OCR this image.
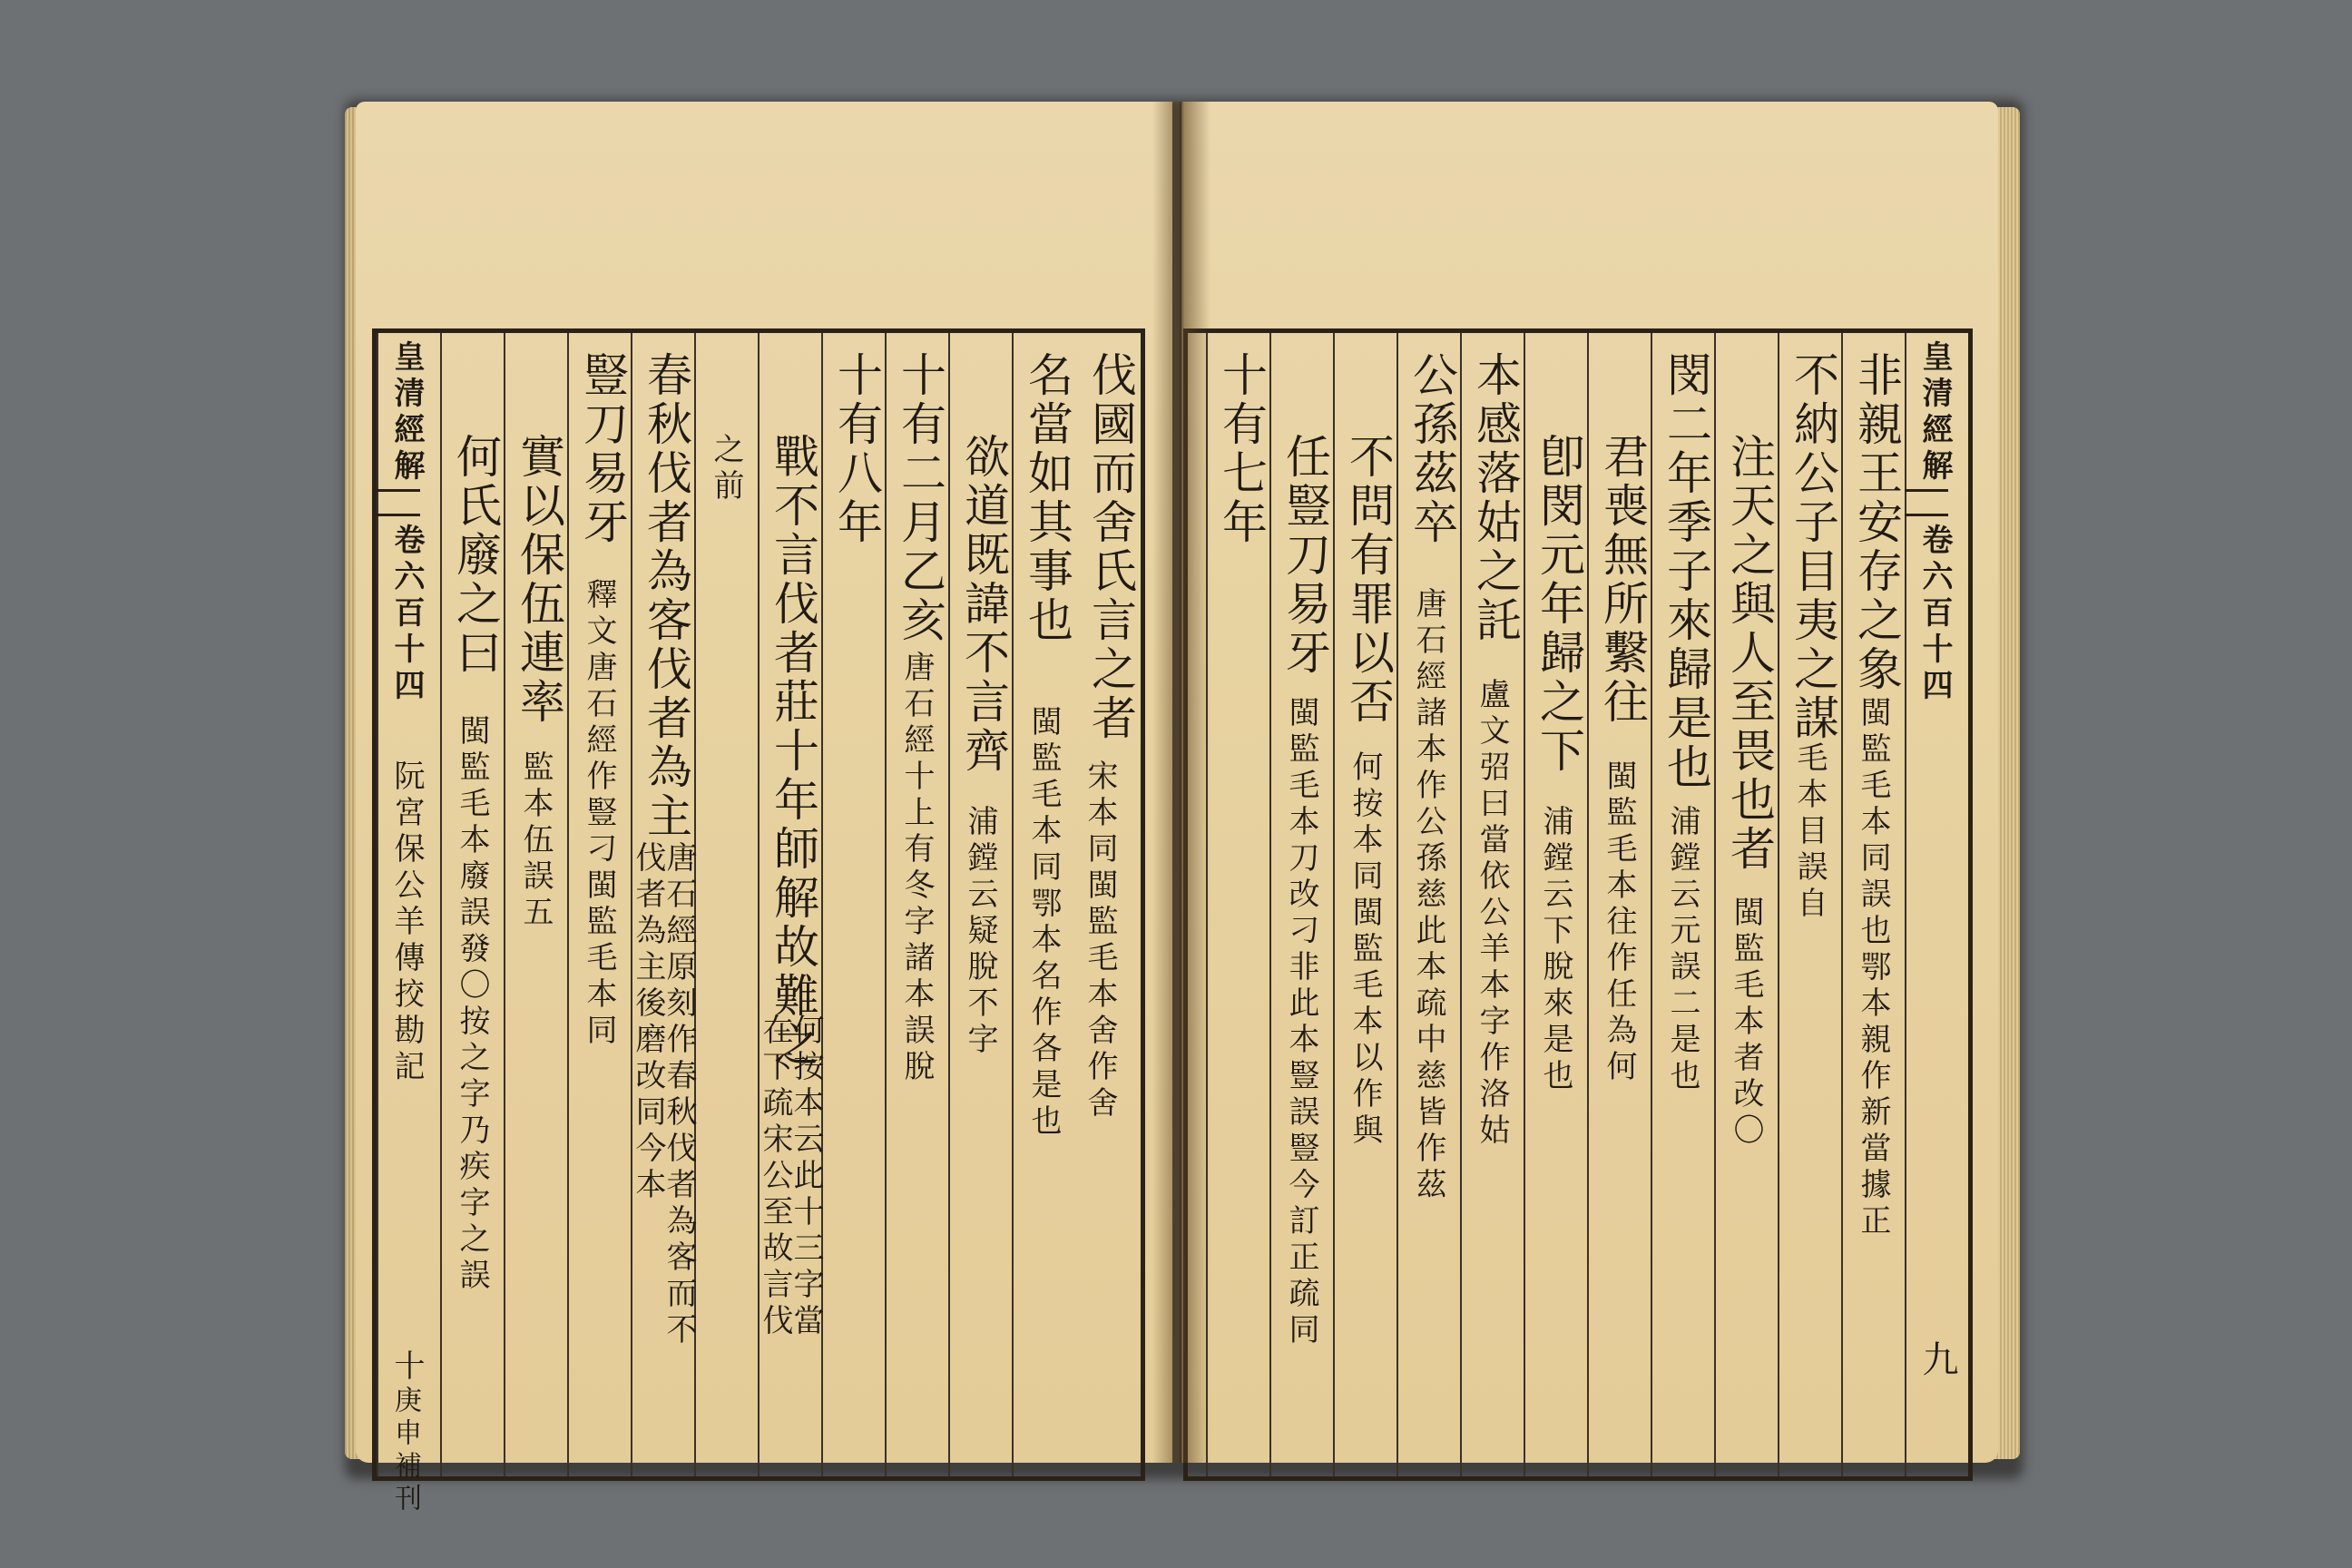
伐國而舍氏言之者
宋本同閩監毛本舍作舍
名當如其事也
閩監毛本同鄂本名作各是也
欲道既諱不言齊
浦鏜云疑脫不字
十有二月乙亥
唐石經十上有冬字諸本誤脫
十有八年
戰不言伐者莊十年師解故難之
何按本云此十三字當
在下疏宋公至故言伐
之前
春秋伐者為客伐者為主
唐石經原刻作春秋伐者為客而不
伐者為主後磨改同今本
豎刀易牙
釋文唐石經作豎刁閩監毛本同
實以保伍連率
監本伍誤五
何氏廢之曰
閩監毛本廢誤發〇按之字乃疾字之誤
皇清經解
卷六百十四
阮宮保公羊傳挍勘記
十
庚申補刊
皇清經解
卷六百十四
九
非親王安存之象
閩監毛本同誤也鄂本親作新當據正
不納公子目夷之謀
毛本目誤自
注天之與人至畏也者
閩監毛本者改〇
閔二年季子來歸是也
浦鏜云元誤二是也
君喪無所繫往
閩監毛本往作任為何
卽閔元年歸之下
浦鏜云下脫來是也
本感落姑之託
盧文弨曰當依公羊本字作洛姑
公孫茲卒
唐石經諸本作公孫慈此本疏中慈皆作茲
不問有罪以否
何按本同閩監毛本以作與
任豎刀易牙
閩監毛本刀改刁非此本豎誤豎今訂正疏同
十有七年
